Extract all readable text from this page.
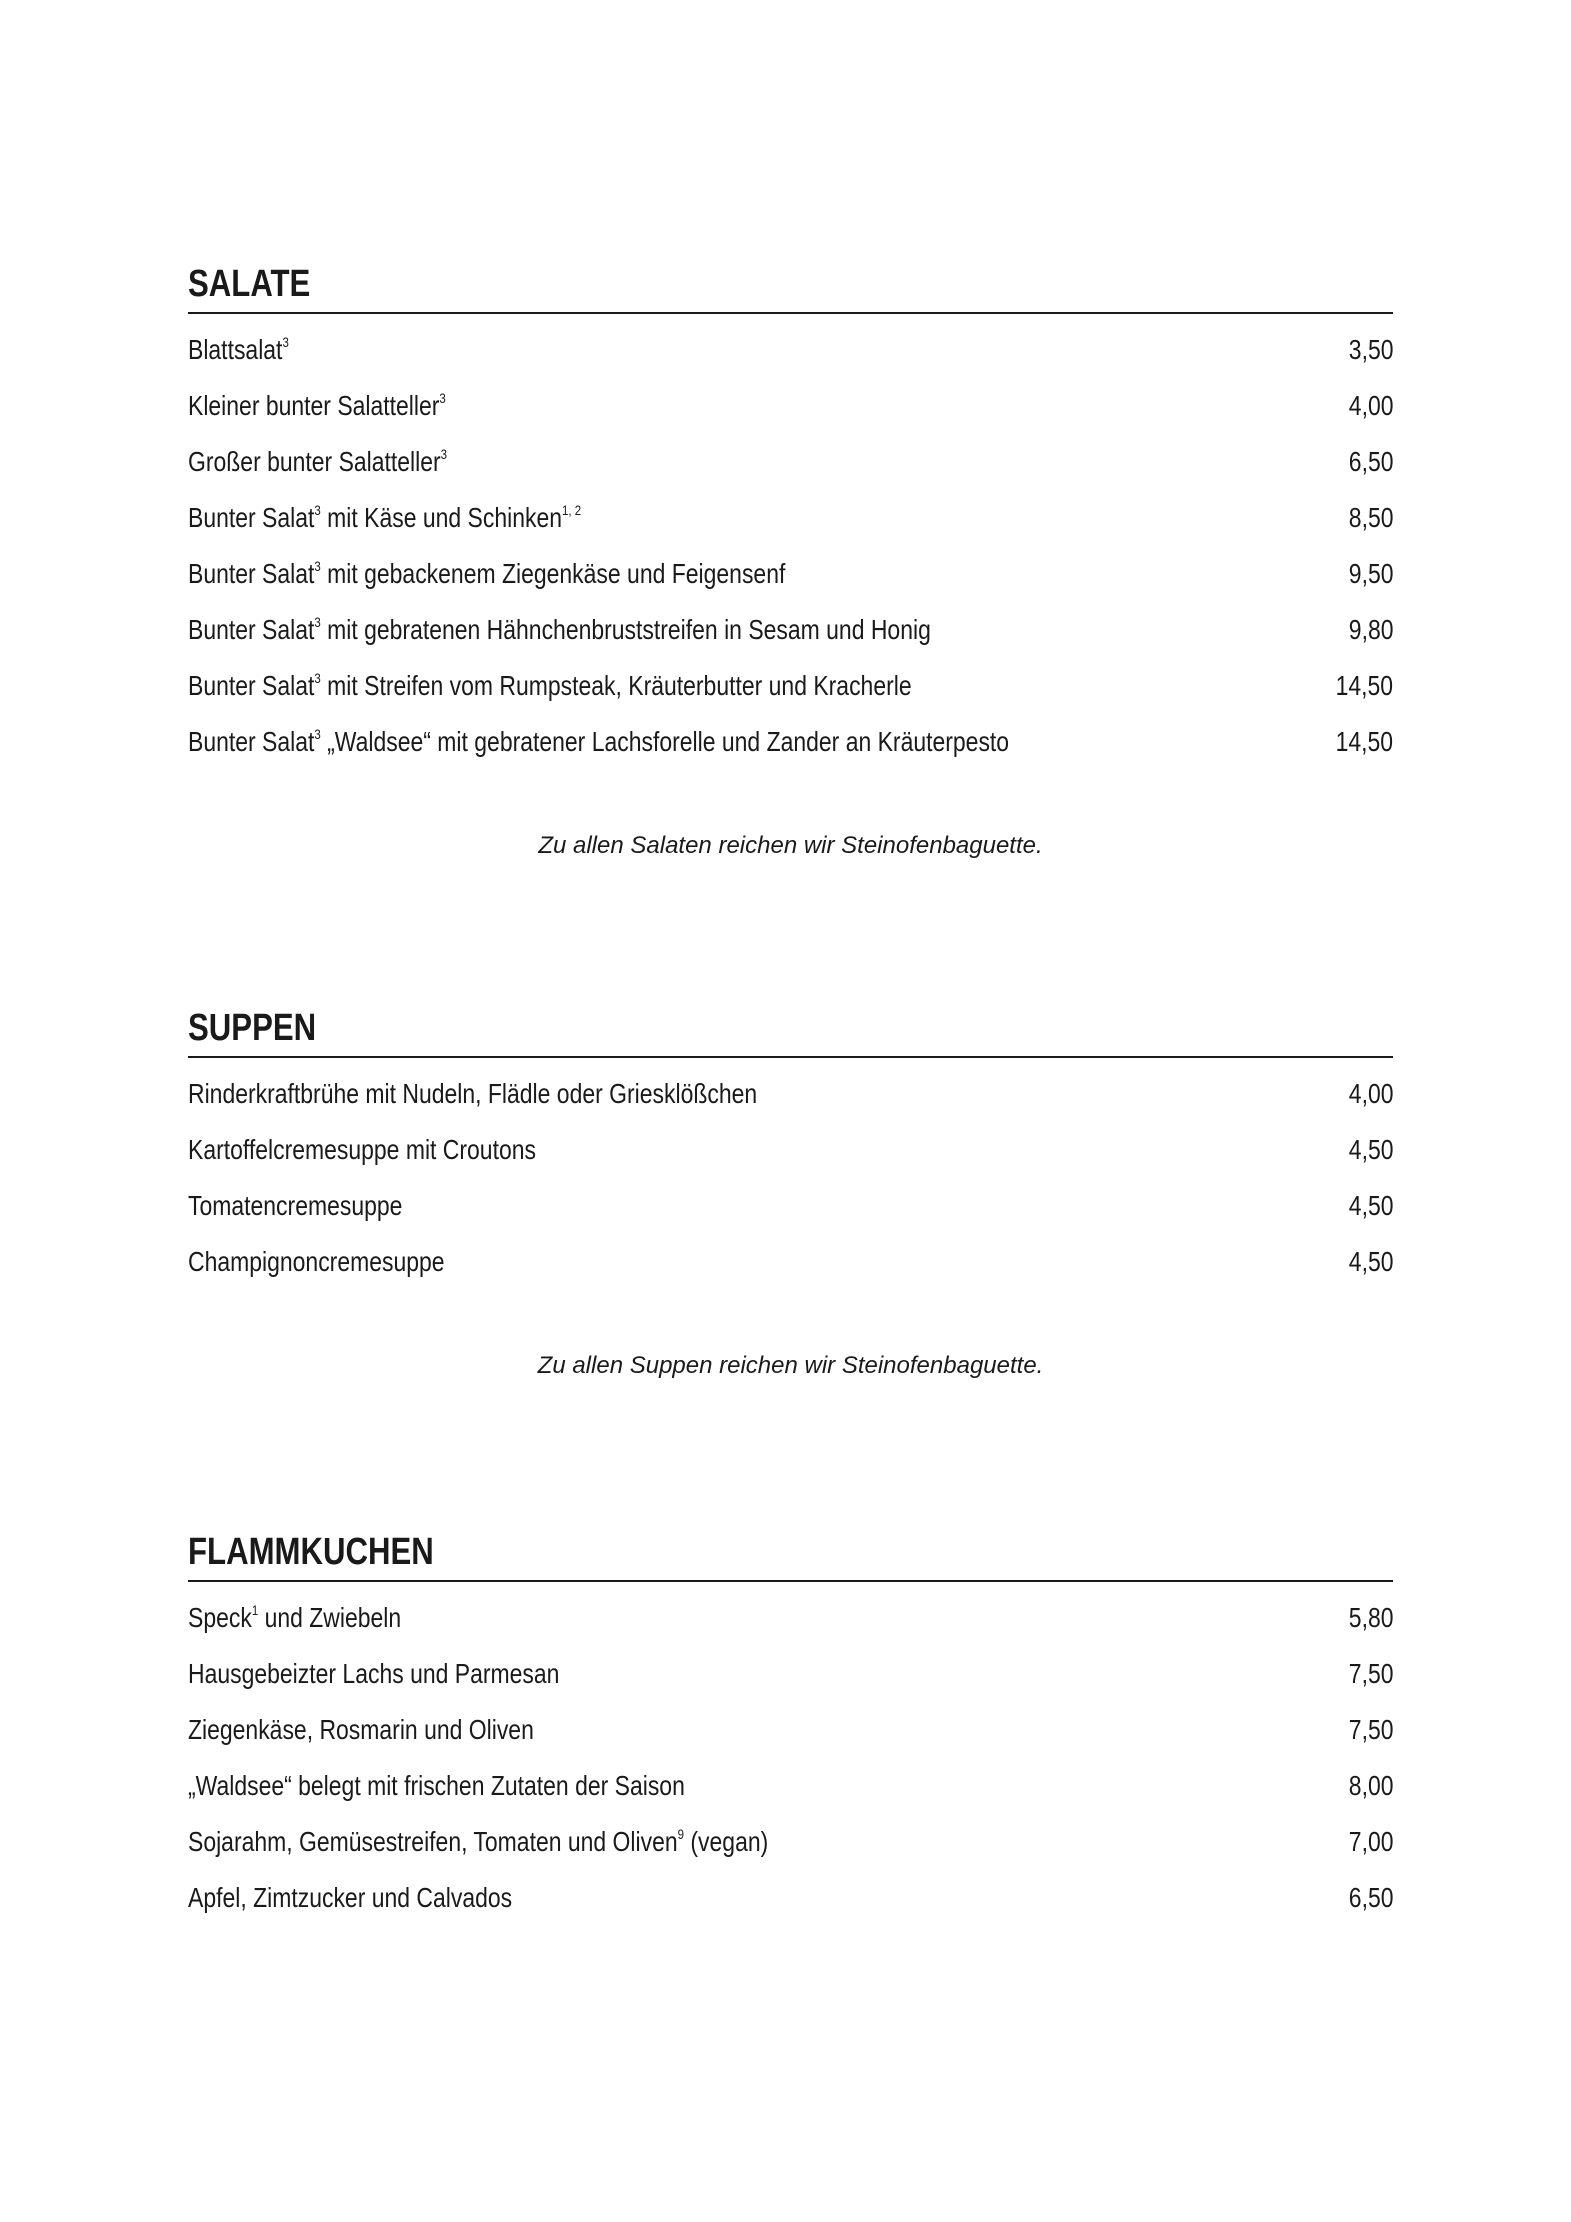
SALATE
Blattsalat$^3$	3,50
Kleiner bunter Salatteller$^3$	4,00
Großer bunter Salatteller$^3$	6,50
Bunter Salat$^3$ mit Käse und Schinken$^{1, 2}$	8,50
Bunter Salat$^3$ mit gebackenem Ziegenkäse und Feigensenf	9,50
Bunter Salat$^3$ mit gebratenen Hähnchenbruststreifen in Sesam und Honig	9,80
Bunter Salat$^3$ mit Streifen vom Rumpsteak, Kräuterbutter und Kracherle	14,50
Bunter Salat$^3$ „Waldsee“ mit gebratener Lachsforelle und Zander an Kräuterpesto	14,50
Zu allen Salaten reichen wir Steinofenbaguette.
SUPPEN
Rinderkraftbrühe mit Nudeln, Flädle oder Griesklößchen	4,00
Kartoffelcremesuppe mit Croutons	4,50
Tomatencremesuppe	4,50
Champignoncremesuppe	4,50
Zu allen Suppen reichen wir Steinofenbaguette.
FLAMMKUCHEN
Speck$^1$ und Zwiebeln	5,80
Hausgebeizter Lachs und Parmesan	7,50
Ziegenkäse, Rosmarin und Oliven	7,50
„Waldsee“ belegt mit frischen Zutaten der Saison	8,00
Sojarahm, Gemüsestreifen, Tomaten und Oliven$^9$ (vegan)	7,00
Apfel, Zimtzucker und Calvados	6,50
